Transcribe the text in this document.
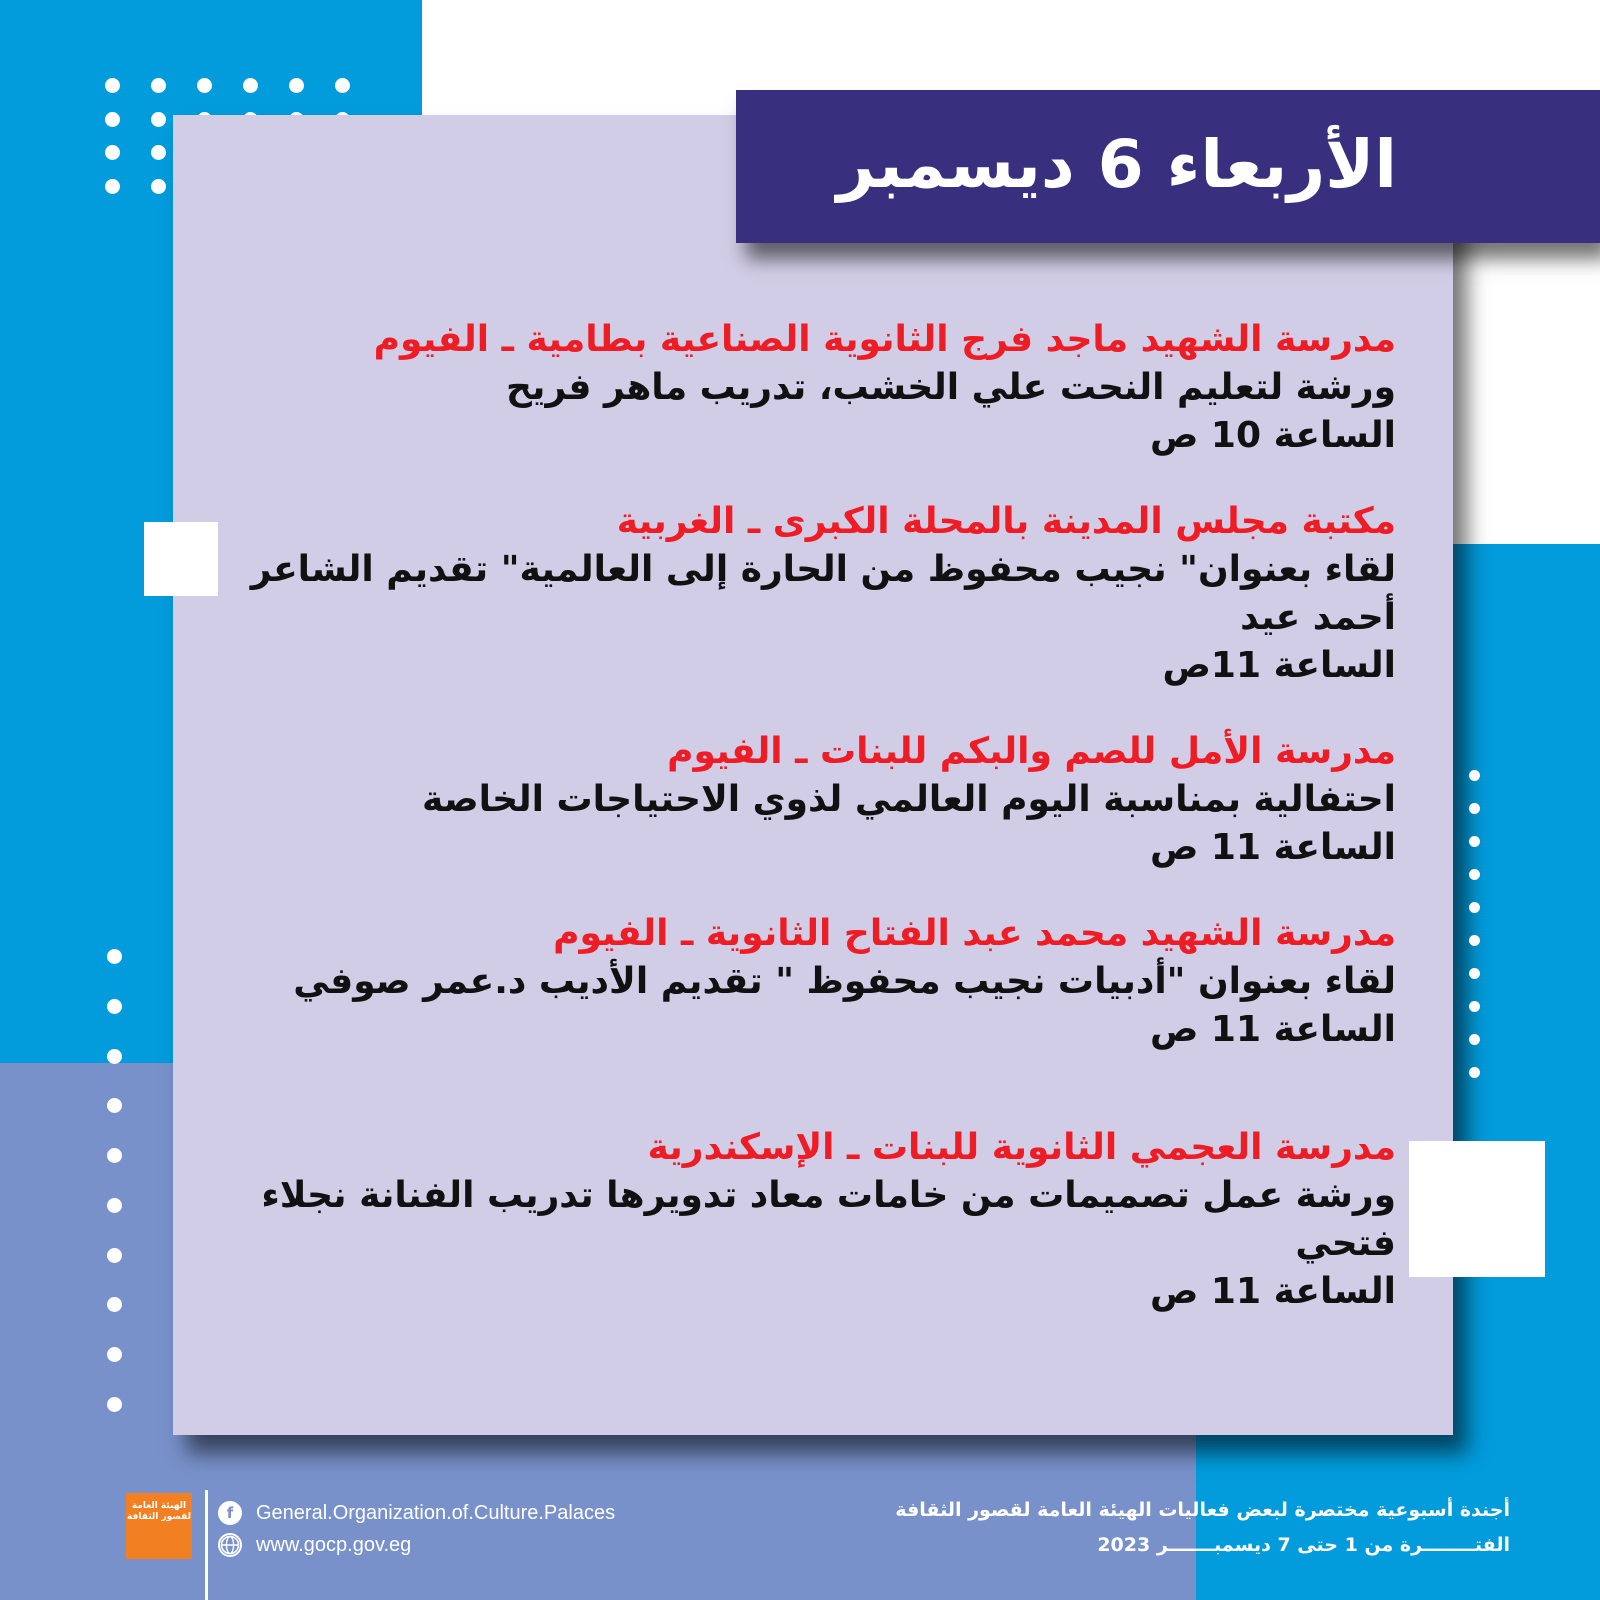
الأربعاء 6 ديسمبر
مدرسة الشهيد ماجد فرج الثانوية الصناعية بطامية ـ الفيوم
ورشة لتعليم النحت علي الخشب، تدريب ماهر فريح
الساعة 10 ص
مكتبة مجلس المدينة بالمحلة الكبرى ـ الغربية
لقاء بعنوان" نجيب محفوظ من الحارة إلى العالمية" تقديم الشاعر أحمد عيد
الساعة 11ص
مدرسة الأمل للصم والبكم للبنات ـ الفيوم
احتفالية بمناسبة اليوم العالمي لذوي الاحتياجات الخاصة
الساعة 11 ص
مدرسة الشهيد محمد عبد الفتاح الثانوية ـ الفيوم
لقاء بعنوان "أدبيات نجيب محفوظ " تقديم الأديب د.عمر صوفي
الساعة 11 ص
مدرسة العجمي الثانوية للبنات ـ الإسكندرية
ورشة عمل تصميمات من خامات معاد تدويرها تدريب الفنانة نجلاء فتحي
الساعة 11 ص
الهيئة العامة لقصور الثقافة	f	General.Organization.of.Culture.Palaces
www.gocp.gov.eg
أجندة أسبوعية مختصرة لبعض فعاليات الهيئة العامة لقصور الثقافة
الفتــــــــرة من 1 حتى 7 ديسمبـــــــر 2023
